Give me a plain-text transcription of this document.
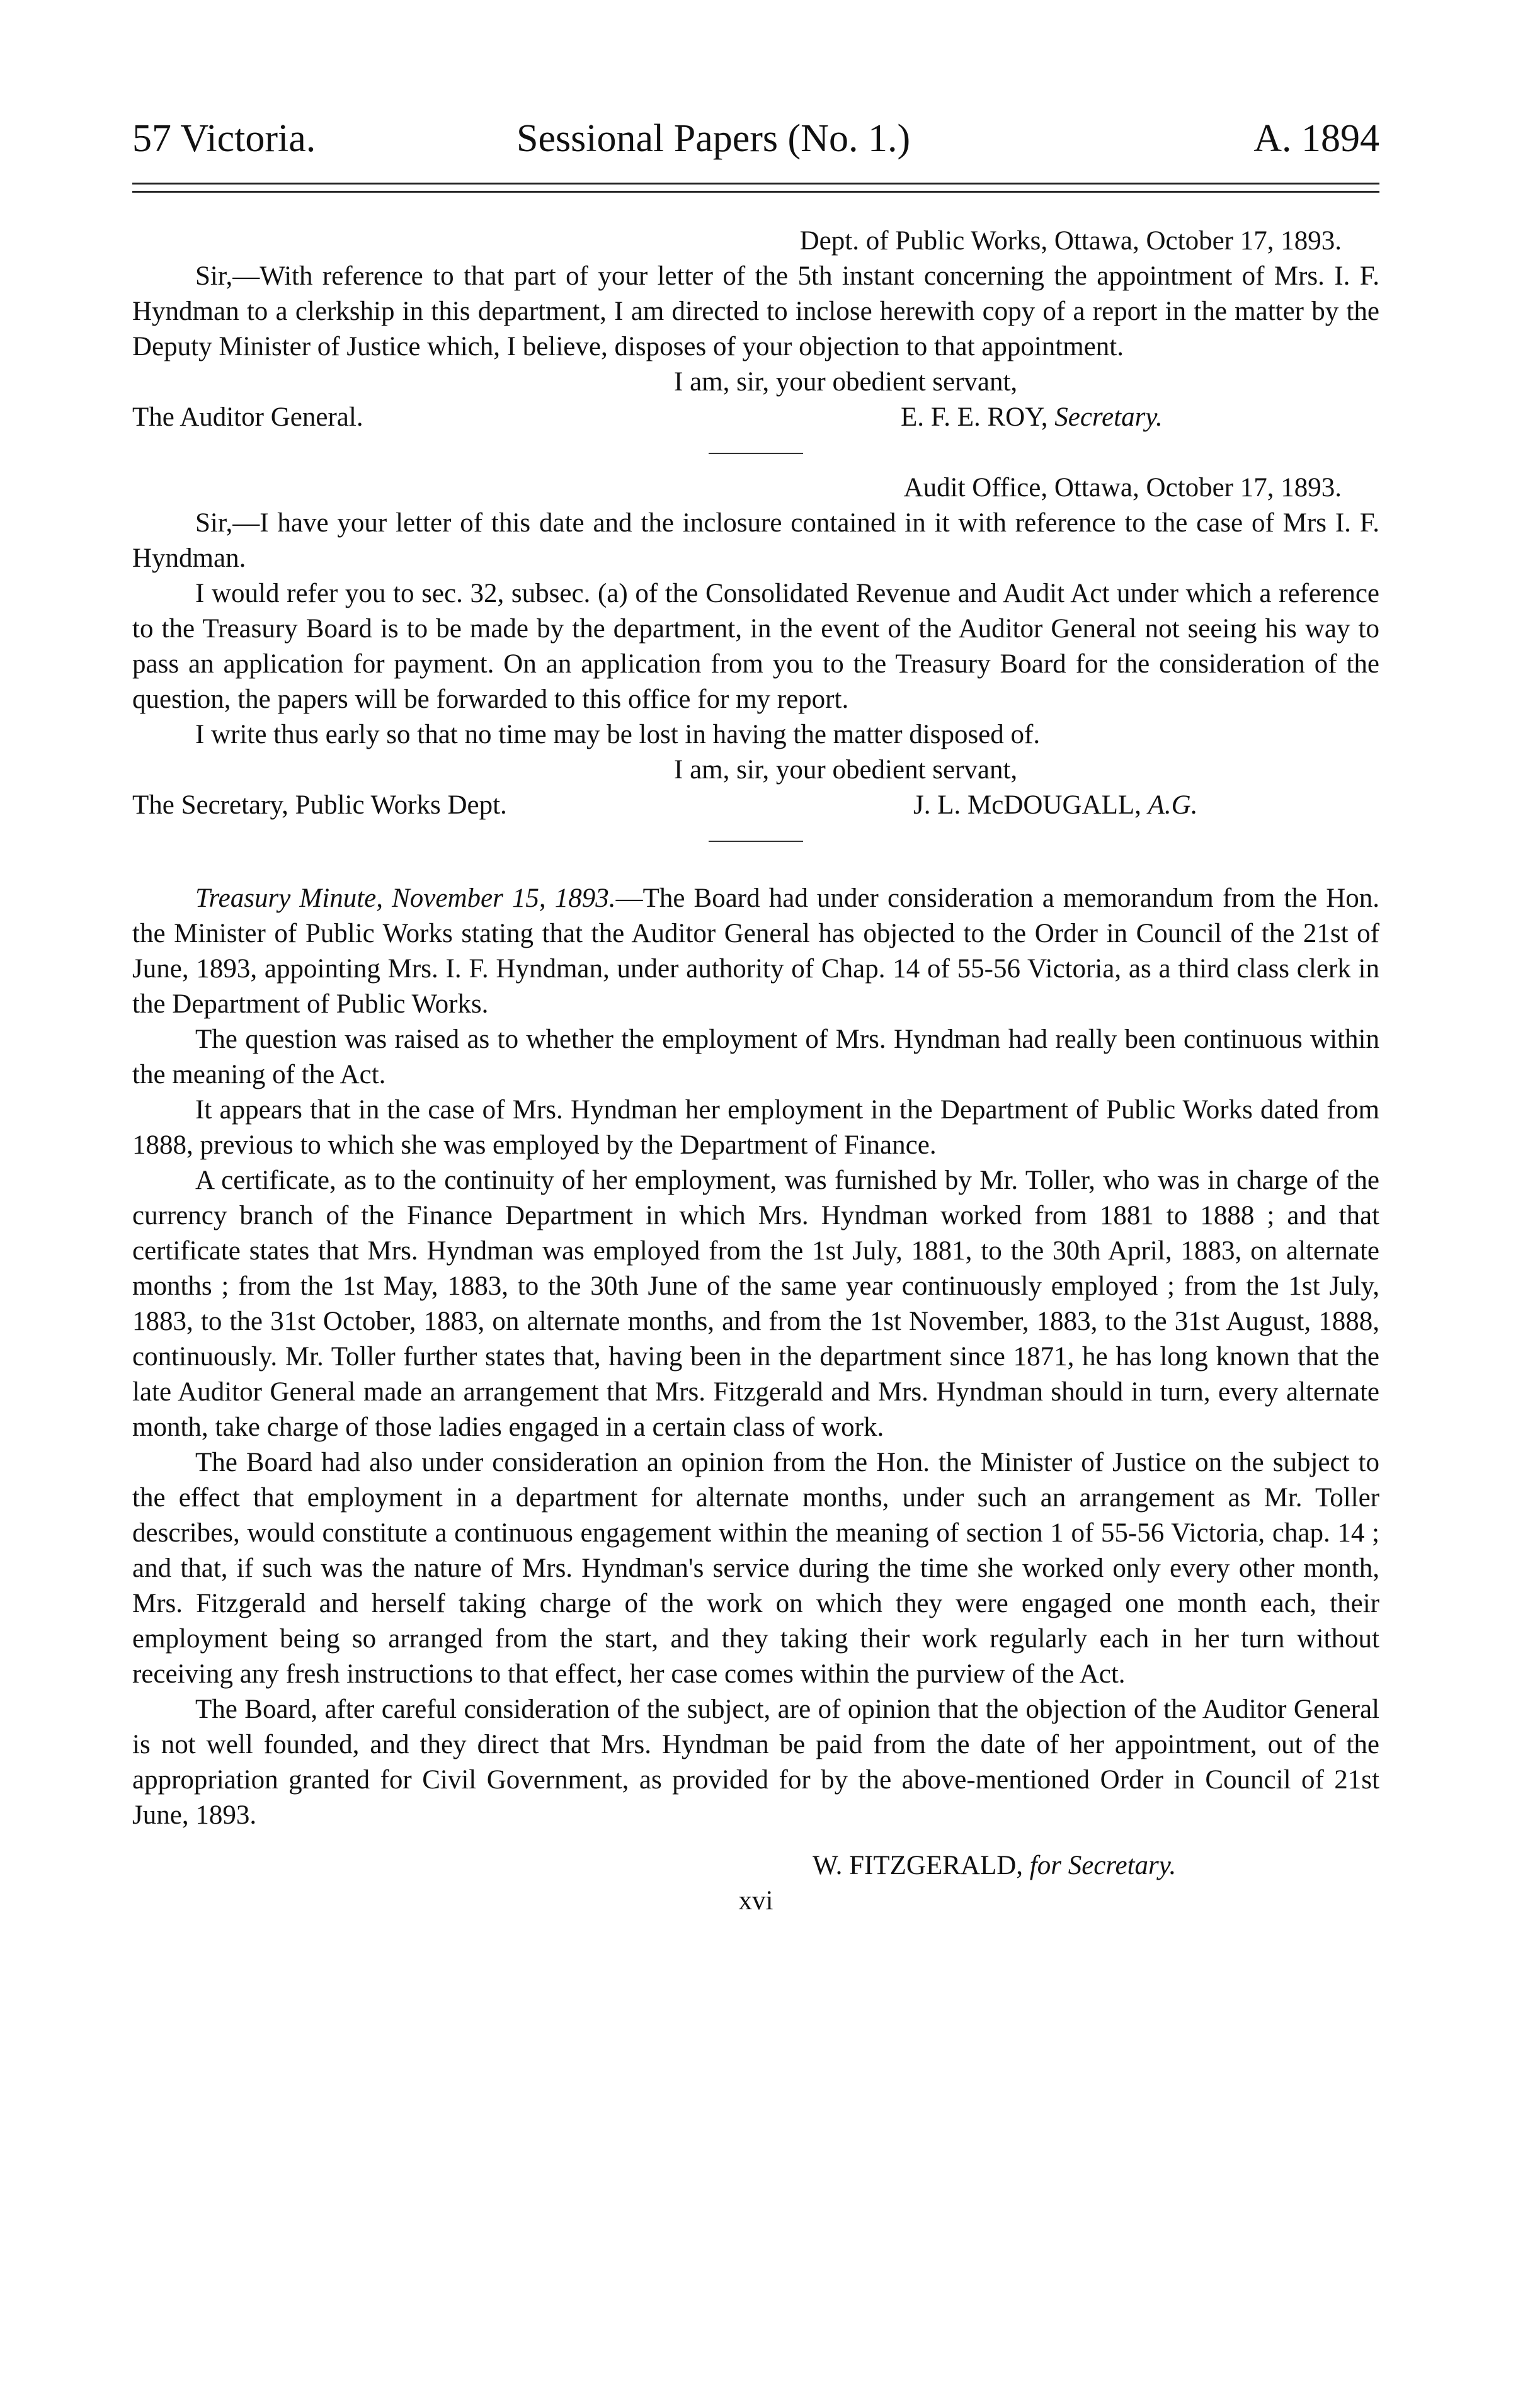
57 Victoria.	Sessional Papers (No. 1.)	A. 1894
Dept. of Public Works, Ottawa, October 17, 1893.

Sir,—With reference to that part of your letter of the 5th instant concerning the appointment of Mrs. I. F. Hyndman to a clerkship in this department, I am directed to inclose herewith copy of a report in the matter by the Deputy Minister of Justice which, I believe, disposes of your objection to that appointment.

I am, sir, your obedient servant,
The Auditor General.	E. F. E. ROY, Secretary.
Audit Office, Ottawa, October 17, 1893.

Sir,—I have your letter of this date and the inclosure contained in it with reference to the case of Mrs I. F. Hyndman.

I would refer you to sec. 32, subsec. (a) of the Consolidated Revenue and Audit Act under which a reference to the Treasury Board is to be made by the department, in the event of the Auditor General not seeing his way to pass an application for payment. On an application from you to the Treasury Board for the consideration of the question, the papers will be forwarded to this office for my report.

I write thus early so that no time may be lost in having the matter disposed of.

I am, sir, your obedient servant,
The Secretary, Public Works Dept.	J. L. McDOUGALL, A.G.

Treasury Minute, November 15, 1893.—The Board had under consideration a memorandum from the Hon. the Minister of Public Works stating that the Auditor General has objected to the Order in Council of the 21st of June, 1893, appointing Mrs. I. F. Hyndman, under authority of Chap. 14 of 55-56 Victoria, as a third class clerk in the Department of Public Works.

The question was raised as to whether the employment of Mrs. Hyndman had really been continuous within the meaning of the Act.

It appears that in the case of Mrs. Hyndman her employment in the Department of Public Works dated from 1888, previous to which she was employed by the Department of Finance.

A certificate, as to the continuity of her employment, was furnished by Mr. Toller, who was in charge of the currency branch of the Finance Department in which Mrs. Hyndman worked from 1881 to 1888 ; and that certificate states that Mrs. Hyndman was employed from the 1st July, 1881, to the 30th April, 1883, on alternate months ; from the 1st May, 1883, to the 30th June of the same year continuously employed ; from the 1st July, 1883, to the 31st October, 1883, on alternate months, and from the 1st November, 1883, to the 31st August, 1888, continuously. Mr. Toller further states that, having been in the department since 1871, he has long known that the late Auditor General made an arrangement that Mrs. Fitzgerald and Mrs. Hyndman should in turn, every alternate month, take charge of those ladies engaged in a certain class of work.

The Board had also under consideration an opinion from the Hon. the Minister of Justice on the subject to the effect that employment in a department for alternate months, under such an arrangement as Mr. Toller describes, would constitute a continuous engagement within the meaning of section 1 of 55-56 Victoria, chap. 14 ; and that, if such was the nature of Mrs. Hyndman's service during the time she worked only every other month, Mrs. Fitzgerald and herself taking charge of the work on which they were engaged one month each, their employment being so arranged from the start, and they taking their work regularly each in her turn without receiving any fresh instructions to that effect, her case comes within the purview of the Act.

The Board, after careful consideration of the subject, are of opinion that the objection of the Auditor General is not well founded, and they direct that Mrs. Hyndman be paid from the date of her appointment, out of the appropriation granted for Civil Government, as provided for by the above-mentioned Order in Council of 21st June, 1893.

W. FITZGERALD, for Secretary.
xvi
